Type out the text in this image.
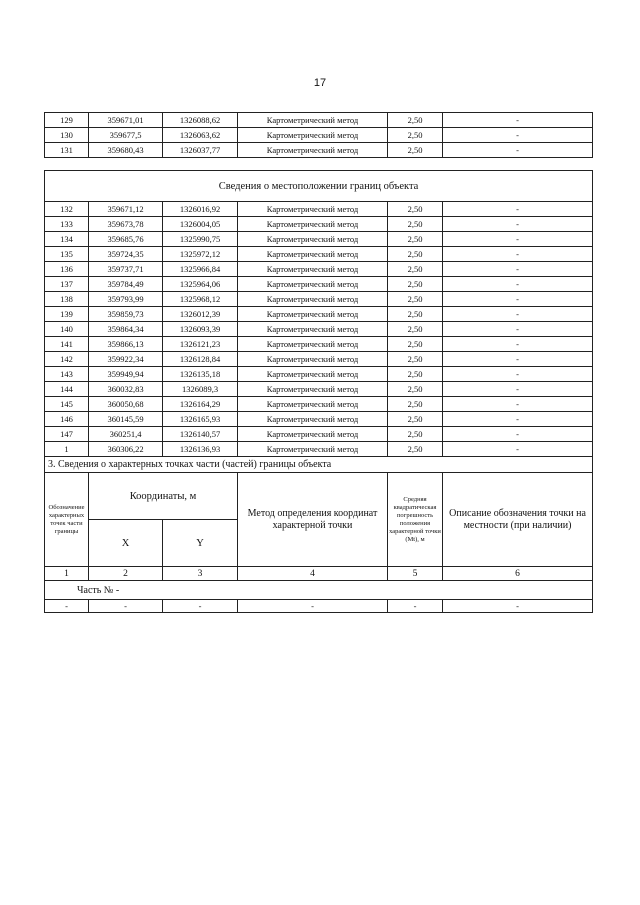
17
129	359671,01	1326088,62	Картометрический метод	2,50	-
130	359677,5	1326063,62	Картометрический метод	2,50	-
131	359680,43	1326037,77	Картометрический метод	2,50	-
Сведения о местоположении границ объекта					
132	359671,12	1326016,92	Картометрический метод	2,50	-
133	359673,78	1326004,05	Картометрический метод	2,50	-
134	359685,76	1325990,75	Картометрический метод	2,50	-
135	359724,35	1325972,12	Картометрический метод	2,50	-
136	359737,71	1325966,84	Картометрический метод	2,50	-
137	359784,49	1325964,06	Картометрический метод	2,50	-
138	359793,99	1325968,12	Картометрический метод	2,50	-
139	359859,73	1326012,39	Картометрический метод	2,50	-
140	359864,34	1326093,39	Картометрический метод	2,50	-
141	359866,13	1326121,23	Картометрический метод	2,50	-
142	359922,34	1326128,84	Картометрический метод	2,50	-
143	359949,94	1326135,18	Картометрический метод	2,50	-
144	360032,83	1326089,3	Картометрический метод	2,50	-
145	360050,68	1326164,29	Картометрический метод	2,50	-
146	360145,59	1326165,93	Картометрический метод	2,50	-
147	360251,4	1326140,57	Картометрический метод	2,50	-
1	360306,22	1326136,93	Картометрический метод	2,50	-
3. Сведения о характерных точках части (частей) границы объекта					
Обозначение характерных точек части границы	Координаты, м		Метод определения координат характерной точки	Средняя квадратическая погрешность положения характерной точки (Mt), м	Описание обозначения точки на местности (при наличии)
	X	Y			
1	2	3	4	5	6
Часть № -					
-	-	-	-	-	-
